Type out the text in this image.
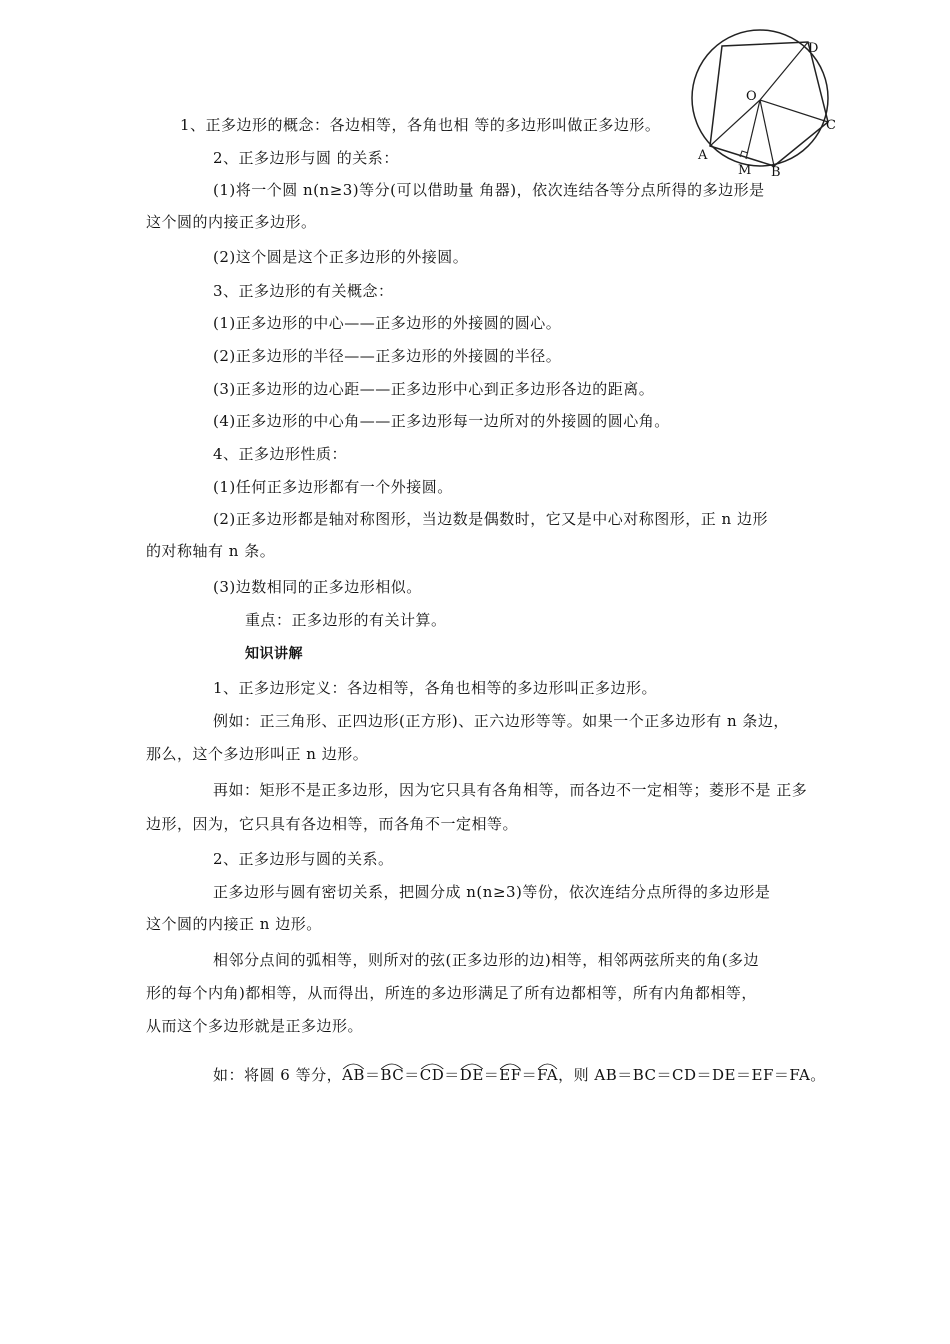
D
O
C
A
M B
1、正多边形的概念：各边相等，各角也相 等的多边形叫做正多边形。
2、正多边形与圆 的关系：
(1)将一个圆 n(n≥3)等分(可以借助量 角器)，依次连结各等分点所得的多边形是
这个圆的内接正多边形。
(2)这个圆是这个正多边形的外接圆。
3、正多边形的有关概念：
(1)正多边形的中心——正多边形的外接圆的圆心。
(2)正多边形的半径——正多边形的外接圆的半径。
(3)正多边形的边心距——正多边形中心到正多边形各边的距离。
(4)正多边形的中心角——正多边形每一边所对的外接圆的圆心角。
4、正多边形性质：
(1)任何正多边形都有一个外接圆。
(2)正多边形都是轴对称图形，当边数是偶数时，它又是中心对称图形，正 n 边形
的对称轴有 n 条。
(3)边数相同的正多边形相似。
重点：正多边形的有关计算。
知识讲解
1、正多边形定义：各边相等，各角也相等的多边形叫正多边形。
例如：正三角形、正四边形(正方形)、正六边形等等。如果一个正多边形有 n 条边，
那么，这个多边形叫正 n 边形。
再如：矩形不是正多边形，因为它只具有各角相等，而各边不一定相等；菱形不是 正多
边形，因为，它只具有各边相等，而各角不一定相等。
2、正多边形与圆的关系。
正多边形与圆有密切关系，把圆分成 n(n≥3)等份，依次连结分点所得的多边形是
这个圆的内接正 n 边形。
相邻分点间的弧相等，则所对的弦(正多边形的边)相等，相邻两弦所夹的角(多边
形的每个内角)都相等，从而得出，所连的多边形满足了所有边都相等，所有内角都相等，
从而这个多边形就是正多边形。
如：将圆 6 等分，
AB＝
BC＝
CD＝
DE＝
EF＝
FA，则 AB＝BC＝CD＝DE＝EF＝FA。
